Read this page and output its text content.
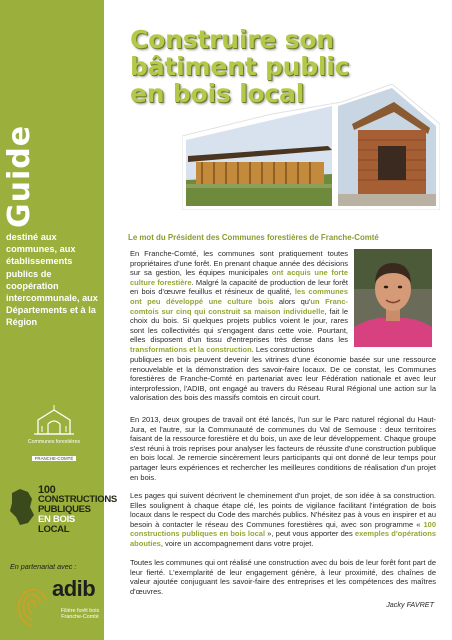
Guide
destiné aux communes, aux établissements publics de coopération intercommunale, aux Départements et à la Région
Communes forestières
FRANCHE-COMTÉ
100
CONSTRUCTIONS
PUBLIQUES
EN BOIS
LOCAL
En partenariat avec :
adib
Filière forêt bois Franche-Comté
Construire son
bâtiment public
en bois local
Le mot du Président des Communes forestières de Franche-Comté

En Franche-Comté, les communes sont pratiquement toutes propriétaires d'une forêt. En prenant chaque année des décisions sur sa gestion, les équipes municipales ont acquis une forte culture forestière. Malgré la capacité de production de leur forêt en bois d'œuvre feuillus et résineux de qualité, les communes ont peu développé une culture bois alors qu'un Franc-comtois sur cinq qui construit sa maison individuelle, fait le choix du bois. Si quelques projets publics voient le jour, rares sont les collectivités qui s'engagent dans cette voie. Pourtant, elles disposent d'un tissu d'entreprises très dense dans les transformations et la construction. Les constructions

publiques en bois peuvent devenir les vitrines d'une économie basée sur une ressource renouvelable et la démonstration des savoir-faire locaux. De ce constat, les Communes forestières de Franche-Comté en partenariat avec leur Fédération nationale et avec leur interprofession, l'ADIB, ont engagé au travers du Réseau Rural Régional une action sur la valorisation des bois des massifs comtois en circuit court.

En 2013, deux groupes de travail ont été lancés, l'un sur le Parc naturel régional du Haut-Jura, et l'autre, sur la Communauté de communes du Val de Semouse : deux territoires faisant de la ressource forestière et du bois, un axe de leur développement. Chaque groupe s'est réuni à trois reprises pour analyser les facteurs de réussite d'une construction publique en bois local. Je remercie sincèrement leurs participants qui ont donné de leur temps pour partager leurs expériences et rechercher les meilleures conditions de réalisation d'un projet en bois.

Les pages qui suivent décrivent le cheminement d'un projet, de son idée à sa construction. Elles soulignent à chaque étape clé, les points de vigilance facilitant l'intégration de bois locaux dans le respect du Code des marchés publics. N'hésitez pas à vous en inspirer et au besoin à contacter le réseau des Communes forestières qui, avec son programme « 100 constructions publiques en bois local », peut vous apporter des exemples d'opérations abouties, voire un accompagnement dans votre projet.

Toutes les communes qui ont réalisé une construction avec du bois de leur forêt font part de leur fierté. L'exemplarité de leur engagement génère, à leur proximité, des chaînes de valeur ajoutée conjuguant les savoir-faire des entreprises et les compétences des maîtres d'œuvres.

Jacky FAVRET
